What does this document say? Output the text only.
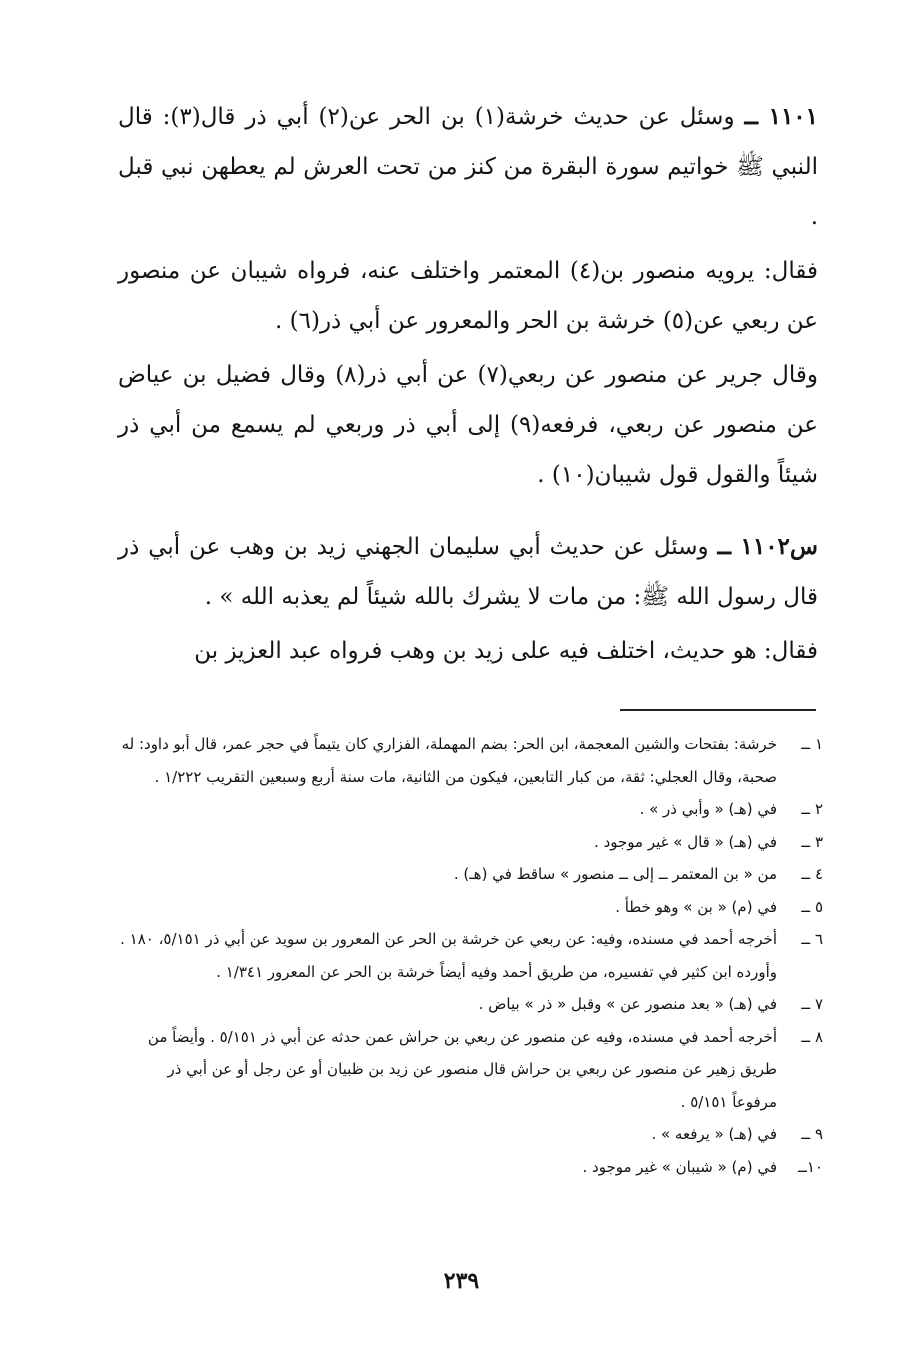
١١٠١ ــ وسئل عن حديث خرشة(١) بن الحر عن(٢) أبي ذر قال(٣): قال النبي ﷺ خواتيم سورة البقرة من كنز من تحت العرش لم يعطهن نبي قبل .

فقال: يرويه منصور بن(٤) المعتمر واختلف عنه، فرواه شيبان عن منصور عن ربعي عن(٥) خرشة بن الحر والمعرور عن أبي ذر(٦) .

وقال جرير عن منصور عن ربعي(٧) عن أبي ذر(٨) وقال فضيل بن عياض عن منصور عن ربعي، فرفعه(٩) إلى أبي ذر وربعي لم يسمع من أبي ذر شيئاً والقول قول شيبان(١٠) .

س١١٠٢ ــ وسئل عن حديث أبي سليمان الجهني زيد بن وهب عن أبي ذر قال رسول الله ﷺ: من مات لا يشرك بالله شيئاً لم يعذبه الله » .

فقال: هو حديث، اختلف فيه على زيد بن وهب فرواه عبد العزيز بن

١ ــ
خرشة: بفتحات والشين المعجمة، ابن الحر: بضم المهملة، الفزاري كان يتيماً في حجر عمر، قال أبو داود: له صحبة، وقال العجلي: ثقة، من كبار التابعين، فيكون من الثانية، مات سنة أربع وسبعين التقريب ١/٢٢٢ .

٢ ــ
في (هـ) « وأبي ذر » .

٣ ــ
في (هـ) « قال » غير موجود .

٤ ــ
من « بن المعتمر ــ إلى ــ منصور » ساقط في (هـ) .

٥ ــ
في (م) « بن » وهو خطأ .

٦ ــ
أخرجه أحمد في مسنده، وفيه: عن ربعي عن خرشة بن الحر عن المعرور بن سويد عن أبي ذر ٥/١٥١، ١٨٠ .

وأورده ابن كثير في تفسيره، من طريق أحمد وفيه أيضاً خرشة بن الحر عن المعرور ١/٣٤١ .

٧ ــ
في (هـ) « بعد منصور عن » وقبل « ذر » بياض .

٨ ــ
أخرجه أحمد في مسنده، وفيه عن منصور عن ربعي بن حراش عمن حدثه عن أبي ذر ٥/١٥١ . وأيضاً من طريق زهير عن منصور عن ربعي بن حراش قال منصور عن زيد بن ظبيان أو عن رجل أو عن أبي ذر مرفوعاً ٥/١٥١ .

٩ ــ
في (هـ) « يرفعه » .

١٠ــ
في (م) « شيبان » غير موجود .

٢٣٩
